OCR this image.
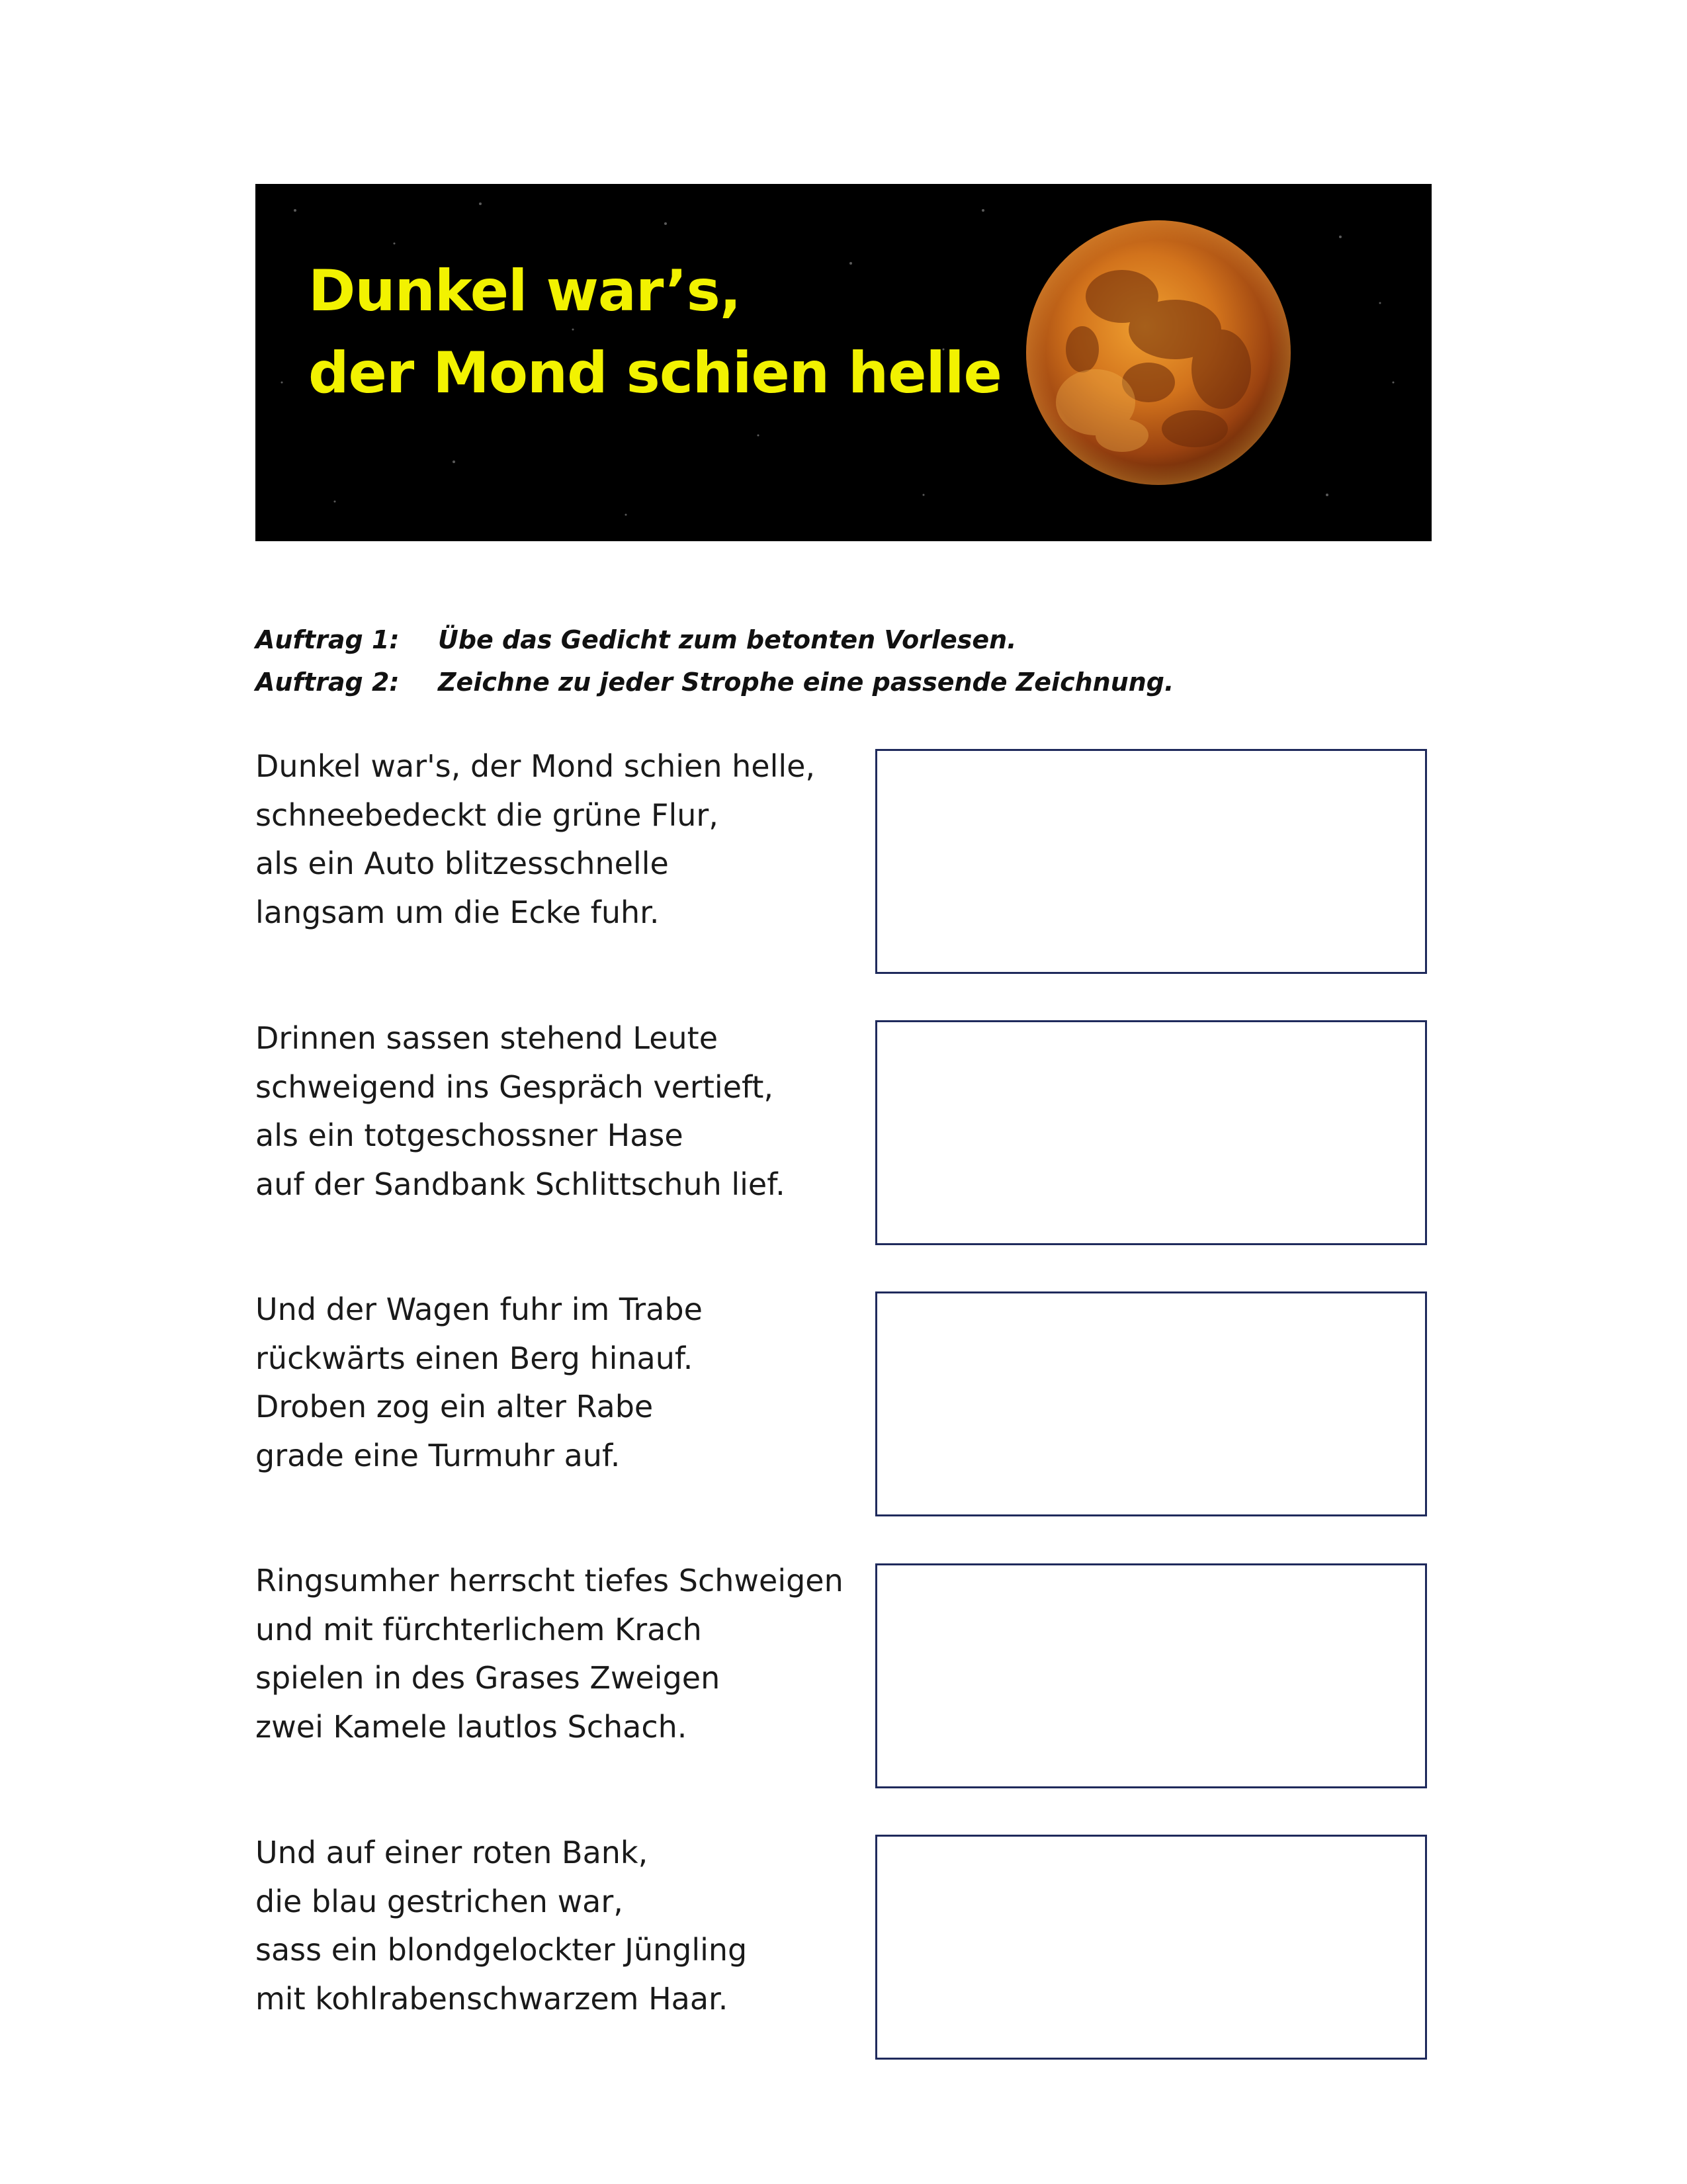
Dunkel war’s,
der Mond schien helle
Auftrag 1:	Übe das Gedicht zum betonten Vorlesen.
Auftrag 2:	Zeichne zu jeder Strophe eine passende Zeichnung.
Dunkel war's, der Mond schien helle,
schneebedeckt die grüne Flur,
als ein Auto blitzesschnelle
langsam um die Ecke fuhr.
Drinnen sassen stehend Leute
schweigend ins Gespräch vertieft,
als ein totgeschossner Hase
auf der Sandbank Schlittschuh lief.
Und der Wagen fuhr im Trabe
rückwärts einen Berg hinauf.
Droben zog ein alter Rabe
grade eine Turmuhr auf.
Ringsumher herrscht tiefes Schweigen
und mit fürchterlichem Krach
spielen in des Grases Zweigen
zwei Kamele lautlos Schach.
Und auf einer roten Bank,
die blau gestrichen war,
sass ein blondgelockter Jüngling
mit kohlrabenschwarzem Haar.
